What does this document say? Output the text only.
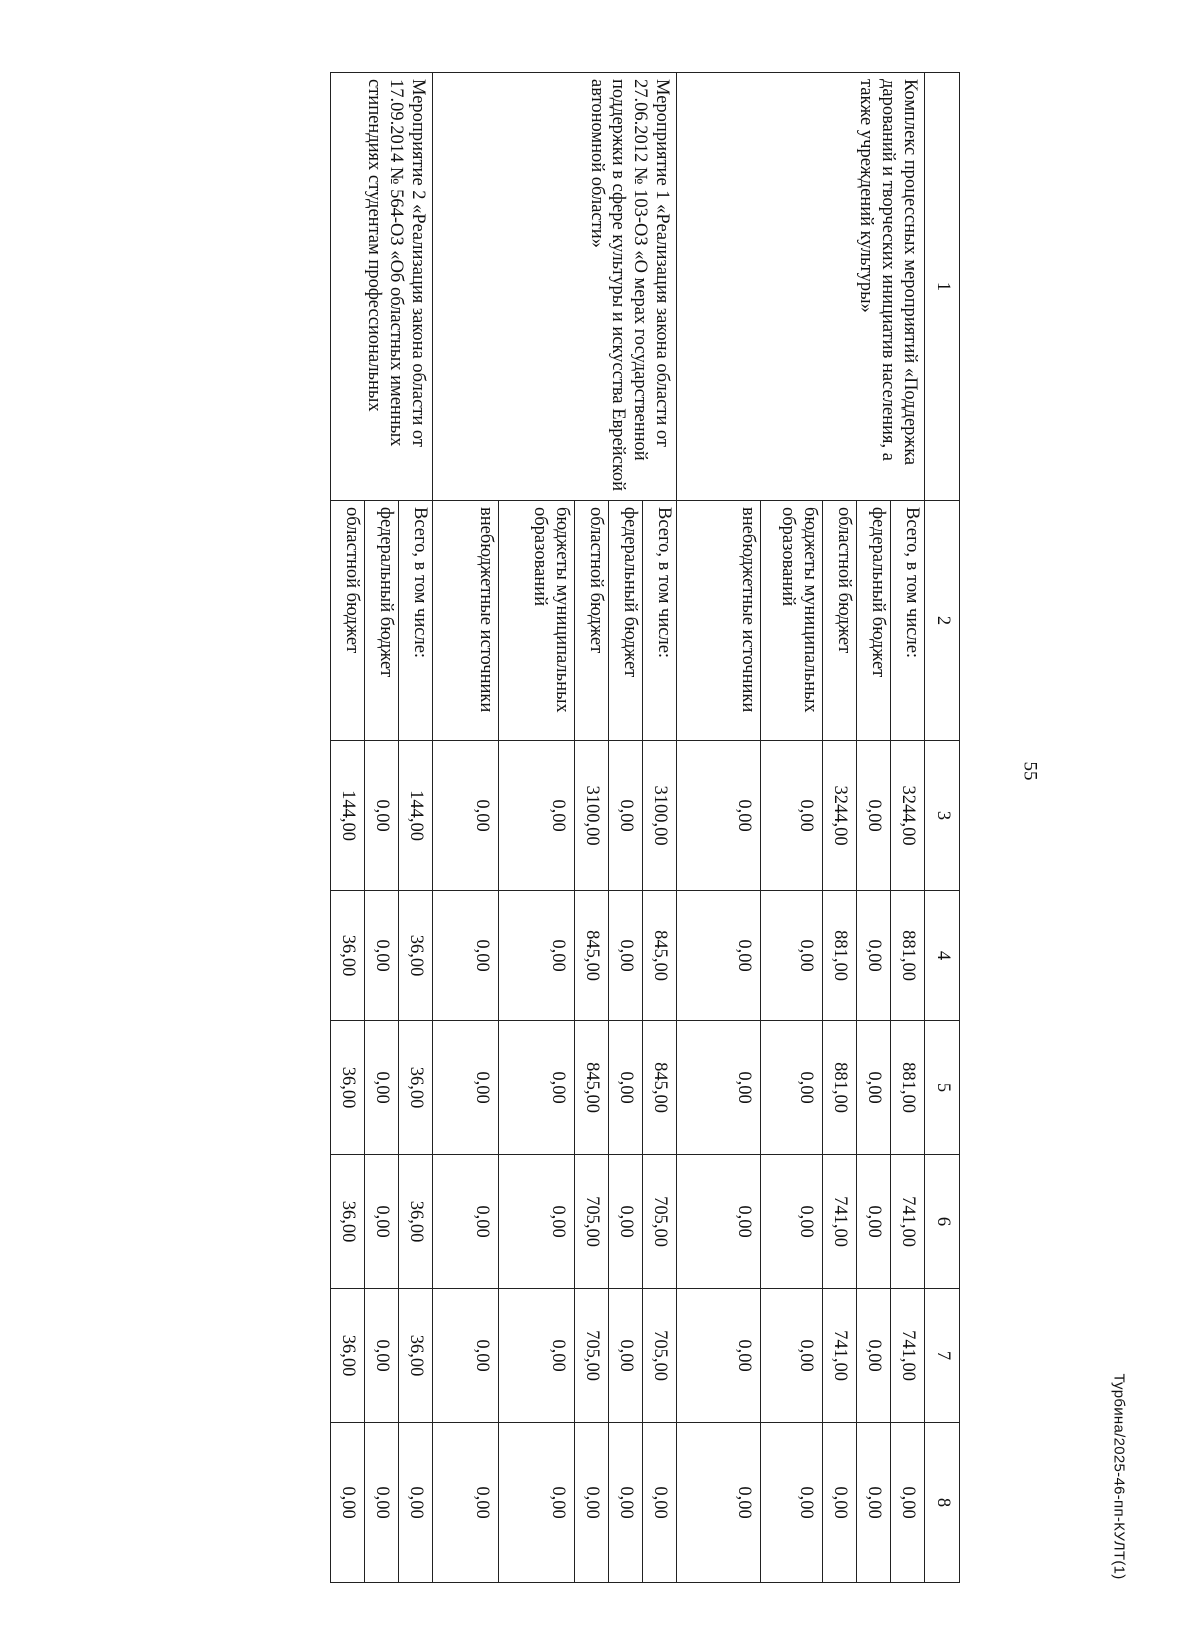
55
Турбина/2025-46-пп-КУЛТ(1)
1	2	3	4	5	6	7	8
Комплекс процессных мероприятий «Поддержка дарований и творческих инициатив населения, а также учреждений культуры»	Всего, в том числе:	3244,00	881,00	881,00	741,00	741,00	0,00
	федеральный бюджет	0,00	0,00	0,00	0,00	0,00	0,00
	областной бюджет	3244,00	881,00	881,00	741,00	741,00	0,00
	бюджеты муниципальных образований	0,00	0,00	0,00	0,00	0,00	0,00
	внебюджетные источники	0,00	0,00	0,00	0,00	0,00	0,00
Мероприятие 1 «Реализация закона области от 27.06.2012 № 103-ОЗ «О мерах государственной поддержки в сфере культуры и искусства Еврейской автономной области»	Всего, в том числе:	3100,00	845,00	845,00	705,00	705,00	0,00
	федеральный бюджет	0,00	0,00	0,00	0,00	0,00	0,00
	областной бюджет	3100,00	845,00	845,00	705,00	705,00	0,00
	бюджеты муниципальных образований	0,00	0,00	0,00	0,00	0,00	0,00
	внебюджетные источники	0,00	0,00	0,00	0,00	0,00	0,00
Мероприятие 2 «Реализация закона области от 17.09.2014 № 564-ОЗ «Об областных именных стипендиях студентам профессиональных	Всего, в том числе:	144,00	36,00	36,00	36,00	36,00	0,00
	федеральный бюджет	0,00	0,00	0,00	0,00	0,00	0,00
	областной бюджет	144,00	36,00	36,00	36,00	36,00	0,00
